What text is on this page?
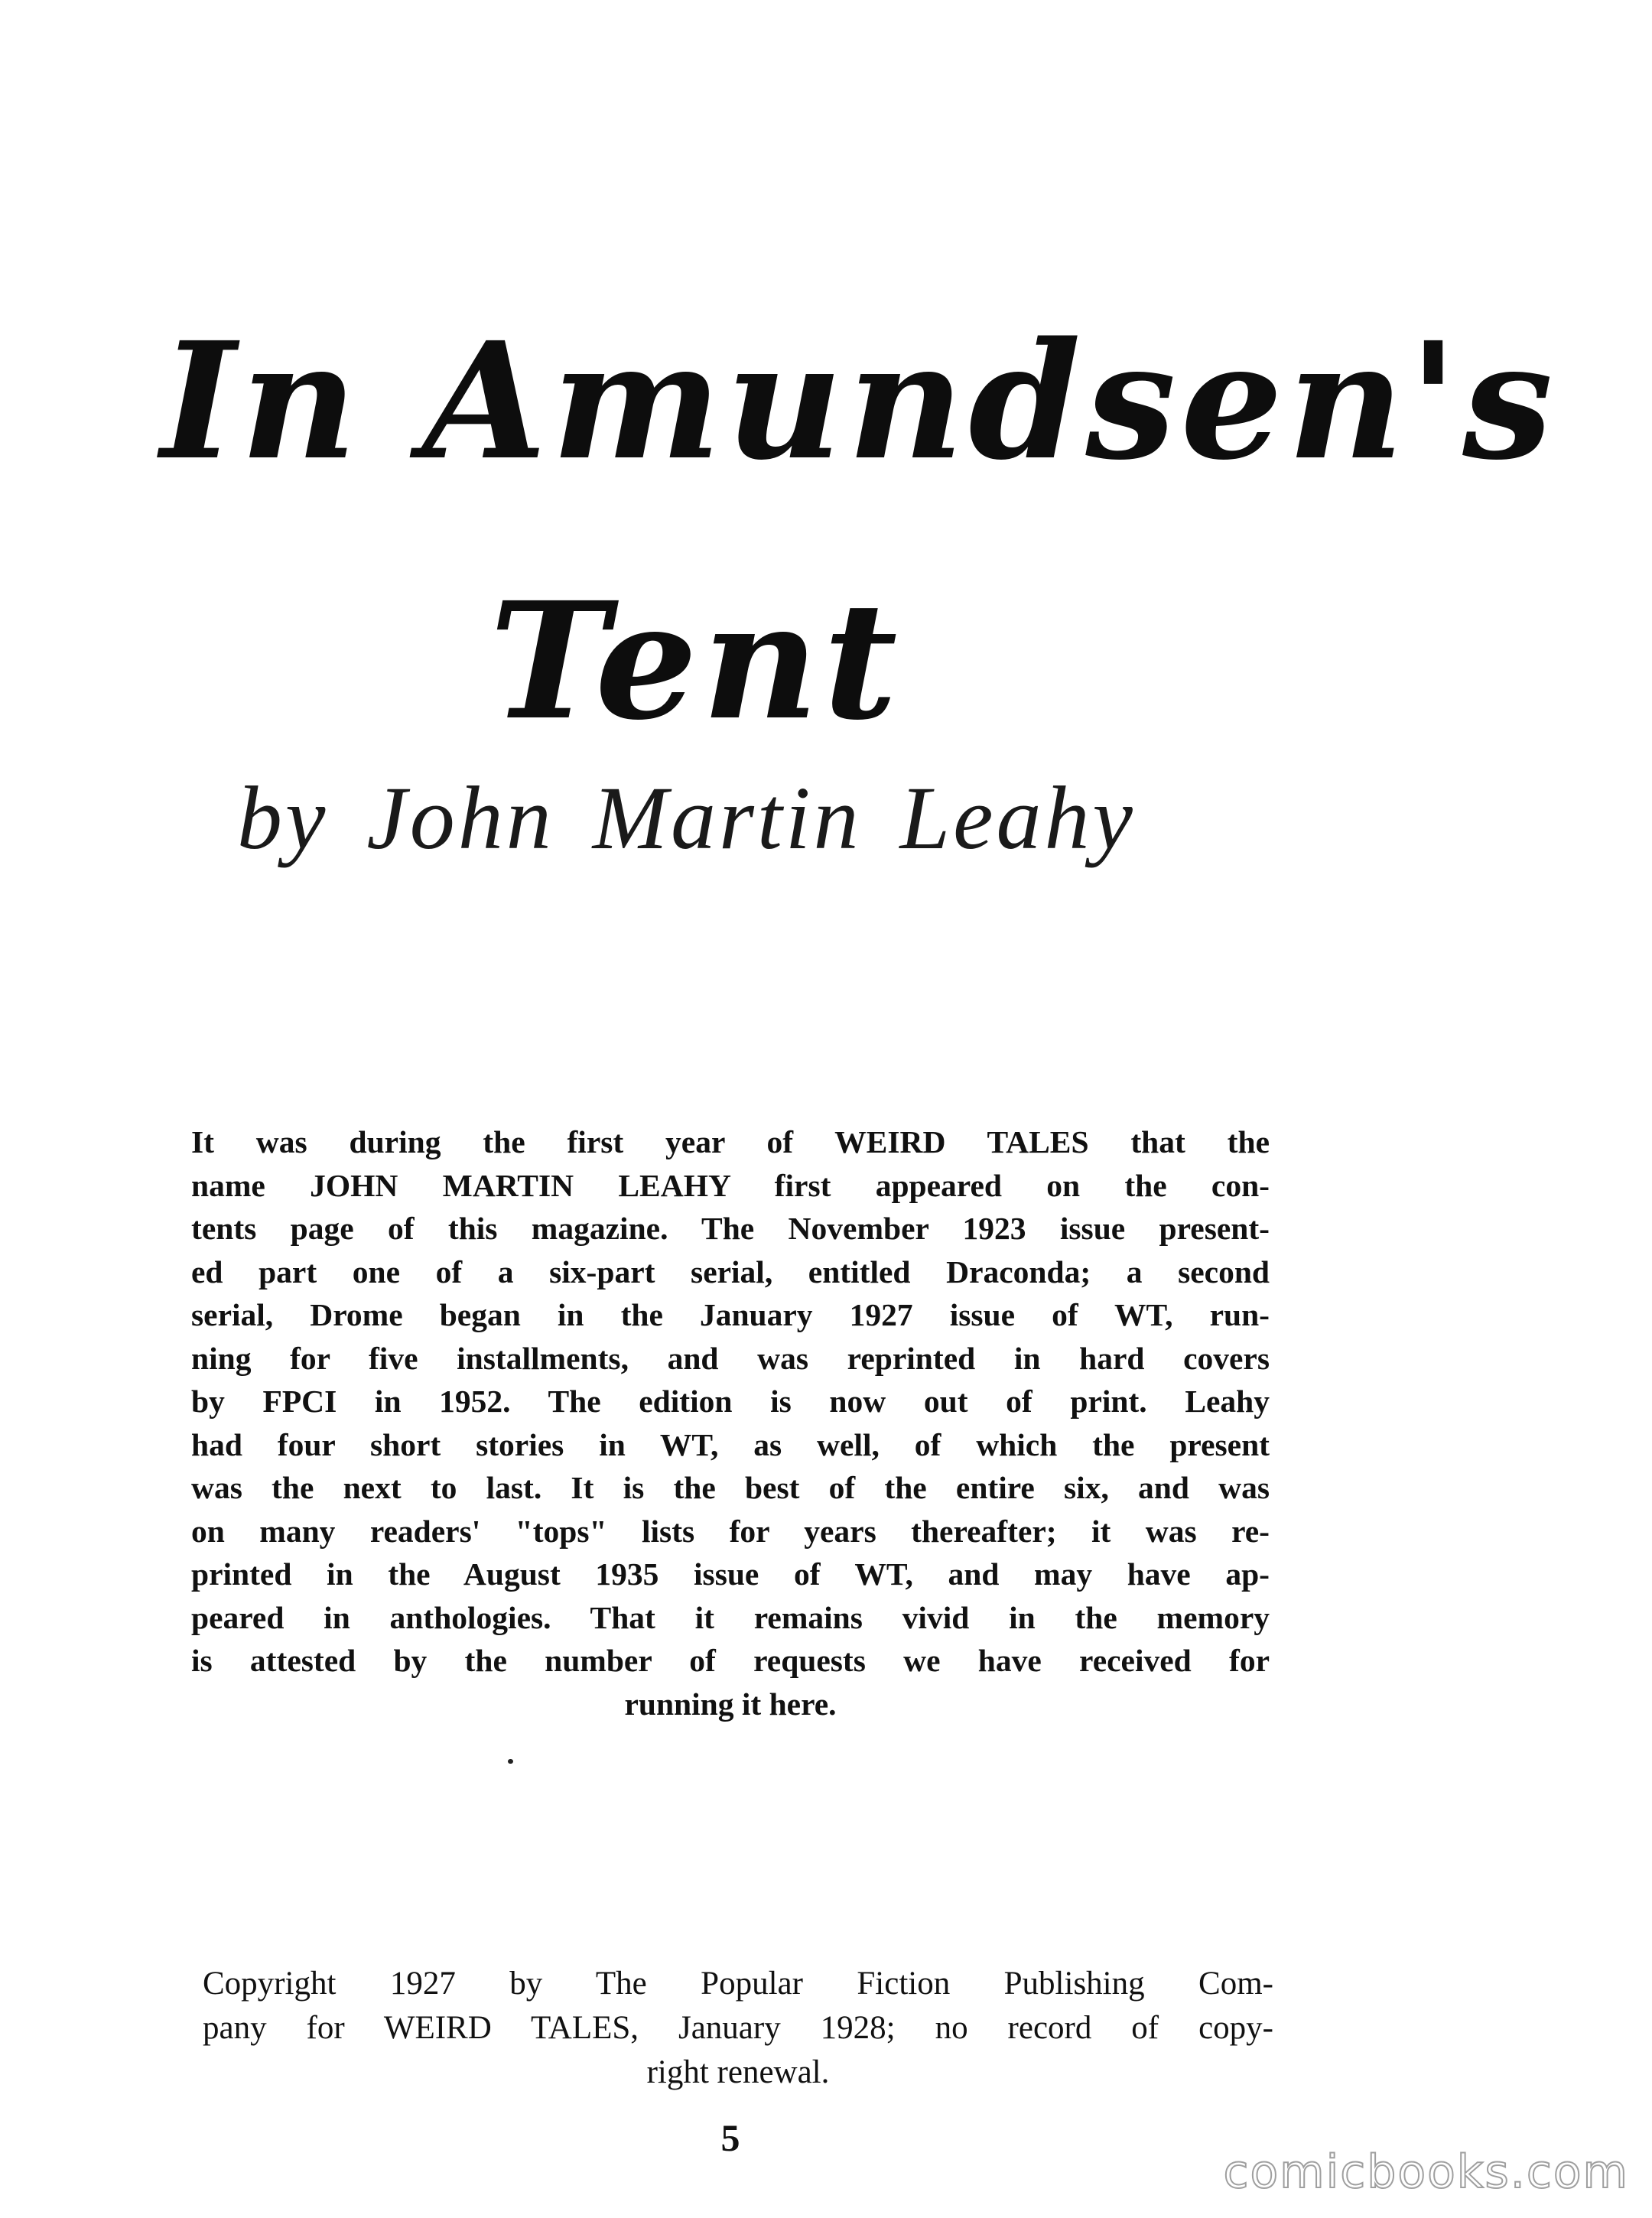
In Amundsen's
Tent
by John Martin Leahy
It was during the first year of WEIRD TALES that the
name JOHN MARTIN LEAHY first appeared on the con-
tents page of this magazine. The November 1923 issue present-
ed part one of a six-part serial, entitled Draconda; a second
serial, Drome began in the January 1927 issue of WT, run-
ning for five installments, and was reprinted in hard covers
by FPCI in 1952. The edition is now out of print. Leahy
had four short stories in WT, as well, of which the present
was the next to last. It is the best of the entire six, and was
on many readers' "tops" lists for years thereafter; it was re-
printed in the August 1935 issue of WT, and may have ap-
peared in anthologies. That it remains vivid in the memory
is attested by the number of requests we have received for
running it here.
Copyright 1927 by The Popular Fiction Publishing Com-
pany for WEIRD TALES, January 1928; no record of copy-
right renewal.
5
comicbooks.com
